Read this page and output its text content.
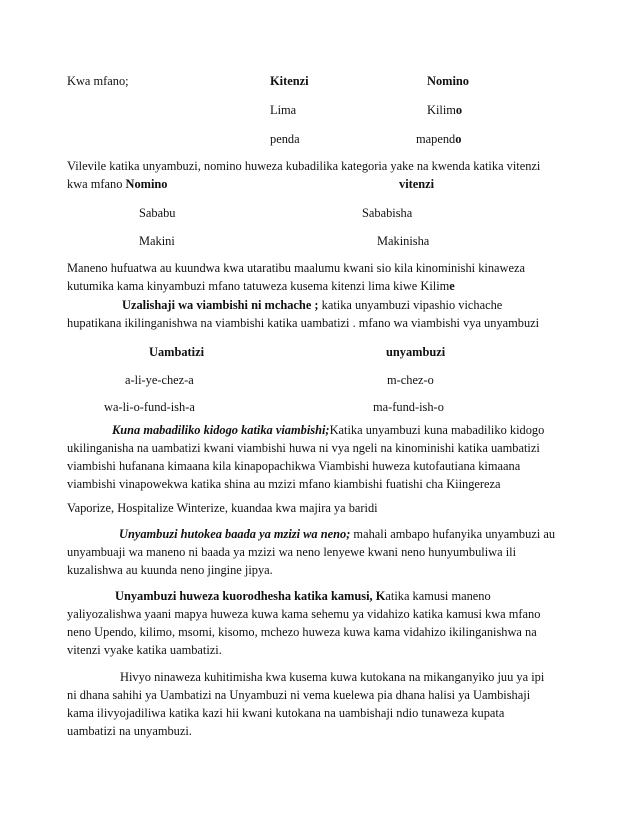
Kwa mfano;	Kitenzi	Nomino
Lima	Kilimo
penda	mapendo
Vilevile katika unyambuzi, nomino huweza kubadilika kategoria yake na kwenda katika vitenzi
kwa mfano Nomino	vitenzi
Sababu	Sababisha
Makini	Makinisha
Maneno hufuatwa au kuundwa kwa utaratibu maalumu kwani sio kila kinominishi kinaweza
kutumika kama kinyambuzi mfano tatuweza kusema kitenzi lima kiwe Kilime
Uzalishaji wa viambishi ni mchache ; katika unyambuzi vipashio vichache
hupatikana ikilinganishwa na viambishi katika uambatizi . mfano wa viambishi vya unyambuzi
Uambatizi	unyambuzi
a-li-ye-chez-a	m-chez-o
wa-li-o-fund-ish-a	ma-fund-ish-o
Kuna mabadiliko kidogo katika viambishi;Katika unyambuzi kuna mabadiliko kidogo
ukilinganisha na uambatizi kwani viambishi huwa ni vya ngeli na kinominishi katika uambatizi
viambishi hufanana kimaana kila kinapopachikwa Viambishi huweza kutofautiana kimaana
viambishi vinapowekwa katika shina au mzizi mfano kiambishi fuatishi cha Kiingereza
Vaporize, Hospitalize Winterize, kuandaa kwa majira ya baridi
Unyambuzi hutokea baada ya mzizi wa neno; mahali ambapo hufanyika unyambuzi au
unyambuaji wa maneno ni baada ya mzizi wa neno lenyewe kwani neno hunyumbuliwa ili
kuzalishwa au kuunda neno jingine jipya.
Unyambuzi huweza kuorodhesha katika kamusi, Katika kamusi maneno
yaliyozalishwa yaani mapya huweza kuwa kama sehemu ya vidahizo katika kamusi kwa mfano
neno Upendo, kilimo, msomi, kisomo, mchezo huweza kuwa kama vidahizo ikilinganishwa na
vitenzi vyake katika uambatizi.
Hivyo ninaweza kuhitimisha kwa kusema kuwa kutokana na mikanganyiko juu ya ipi
ni dhana sahihi ya Uambatizi na Unyambuzi ni vema kuelewa pia dhana halisi ya Uambishaji
kama ilivyojadiliwa katika kazi hii kwani kutokana na uambishaji ndio tunaweza kupata
uambatizi na unyambuzi.
